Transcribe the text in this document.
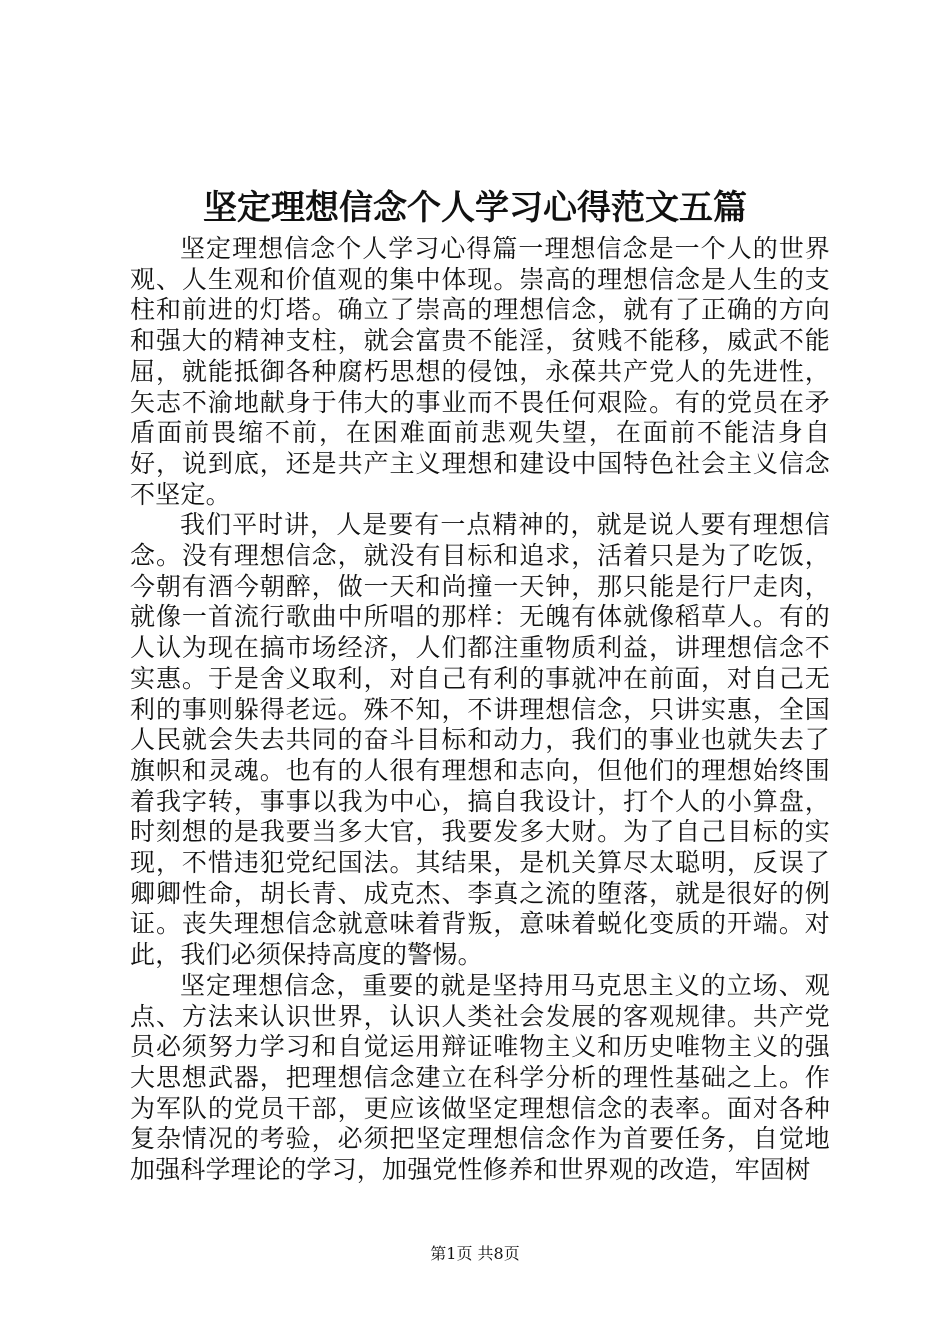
坚定理想信念个人学习心得范文五篇

坚定理想信念个人学习心得篇一理想信念是一个人的世界观、人生观和价值观的集中体现。崇高的理想信念是人生的支柱和前进的灯塔。确立了崇高的理想信念，就有了正确的方向和强大的精神支柱，就会富贵不能淫，贫贱不能移，威武不能屈，就能抵御各种腐朽思想的侵蚀，永葆共产党人的先进性，矢志不渝地献身于伟大的事业而不畏任何艰险。有的党员在矛盾面前畏缩不前，在困难面前悲观失望，在面前不能洁身自好，说到底，还是共产主义理想和建设中国特色社会主义信念不坚定。

我们平时讲，人是要有一点精神的，就是说人要有理想信念。没有理想信念，就没有目标和追求，活着只是为了吃饭，今朝有酒今朝醉，做一天和尚撞一天钟，那只能是行尸走肉，就像一首流行歌曲中所唱的那样：无魄有体就像稻草人。有的人认为现在搞市场经济，人们都注重物质利益，讲理想信念不实惠。于是舍义取利，对自己有利的事就冲在前面，对自己无利的事则躲得老远。殊不知，不讲理想信念，只讲实惠，全国人民就会失去共同的奋斗目标和动力，我们的事业也就失去了旗帜和灵魂。也有的人很有理想和志向，但他们的理想始终围着我字转，事事以我为中心，搞自我设计，打个人的小算盘，时刻想的是我要当多大官，我要发多大财。为了自己目标的实现，不惜违犯党纪国法。其结果，是机关算尽太聪明，反误了卿卿性命，胡长青、成克杰、李真之流的堕落，就是很好的例证。丧失理想信念就意味着背叛，意味着蜕化变质的开端。对此，我们必须保持高度的警惕。

坚定理想信念，重要的就是坚持用马克思主义的立场、观点、方法来认识世界，认识人类社会发展的客观规律。共产党员必须努力学习和自觉运用辩证唯物主义和历史唯物主义的强大思想武器，把理想信念建立在科学分析的理性基础之上。作为军队的党员干部，更应该做坚定理想信念的表率。面对各种复杂情况的考验，必须把坚定理想信念作为首要任务，自觉地加强科学理论的学习，加强党性修养和世界观的改造，牢固树

第1页 共8页
